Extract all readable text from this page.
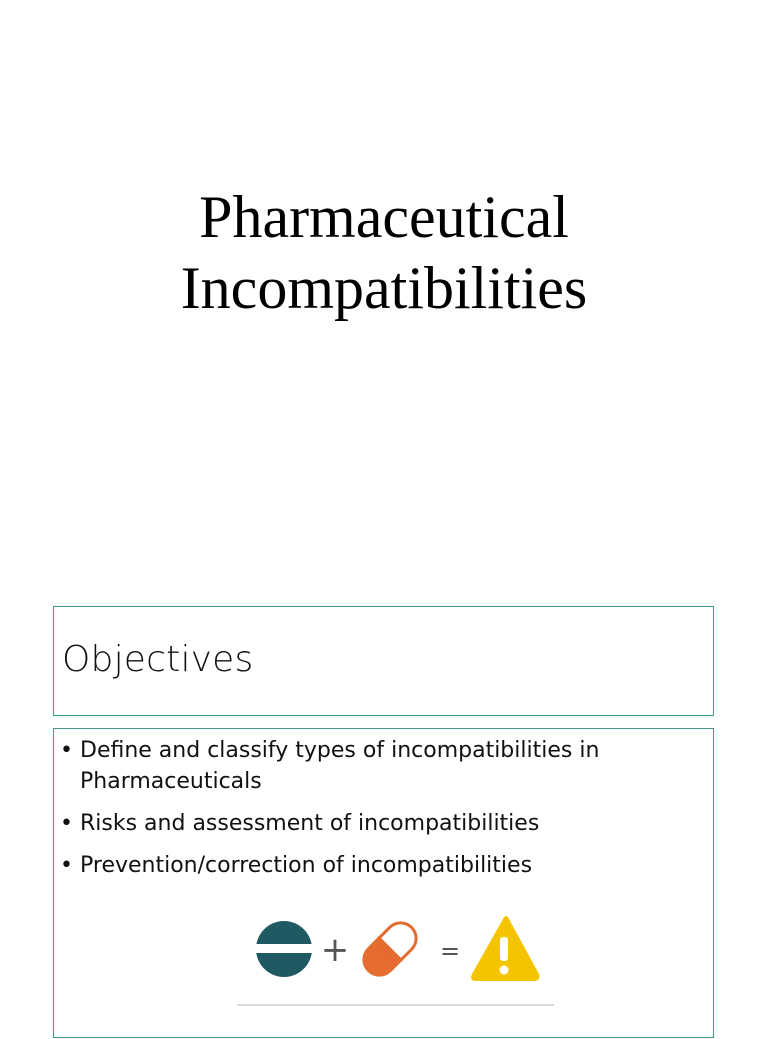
Pharmaceutical
Incompatibilities
Objectives
• Define and classify types of incompatibilities in Pharmaceuticals
• Risks and assessment of incompatibilities
• Prevention/correction of incompatibilities
+	=
